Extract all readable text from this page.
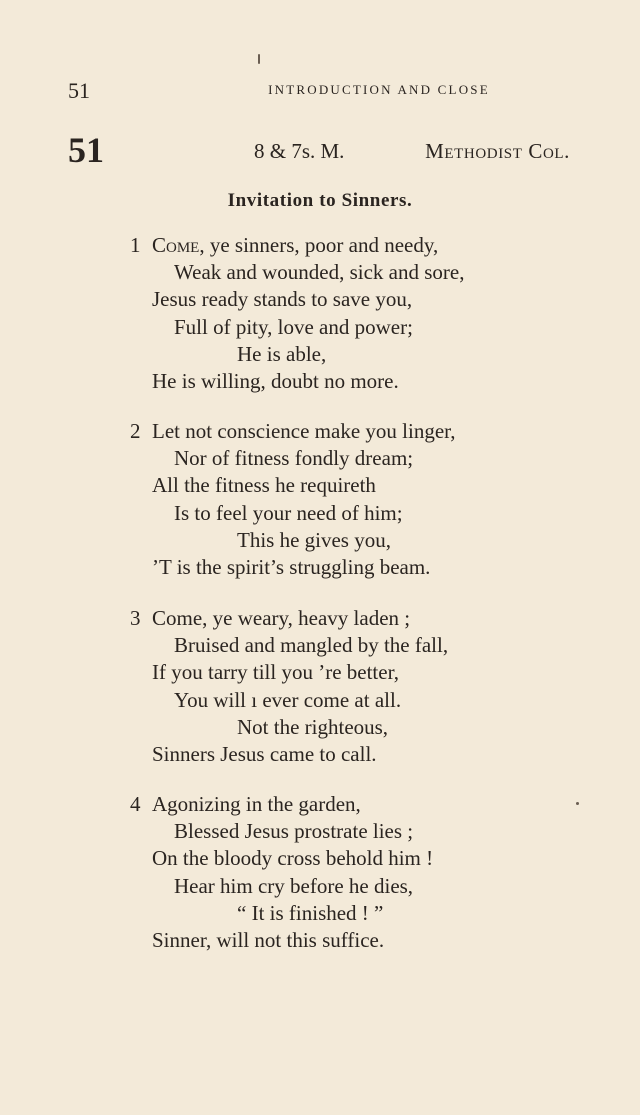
51	INTRODUCTION AND CLOSE
51	8 & 7s. M.	Methodist Col.
Invitation to Sinners.
1 Come, ye sinners, poor and needy,
Weak and wounded, sick and sore,
Jesus ready stands to save you,
Full of pity, love and power;
He is able,
He is willing, doubt no more.
2 Let not conscience make you linger,
Nor of fitness fondly dream;
All the fitness he requireth
Is to feel your need of him;
This he gives you,
’T is the spirit’s struggling beam.
3 Come, ye weary, heavy laden ;
Bruised and mangled by the fall,
If you tarry till you ’re better,
You will ı ever come at all.
Not the righteous,
Sinners Jesus came to call.
4 Agonizing in the garden,
Blessed Jesus prostrate lies ;
On the bloody cross behold him !
Hear him cry before he dies,
“ It is finished ! ”
Sinner, will not this suffice.
